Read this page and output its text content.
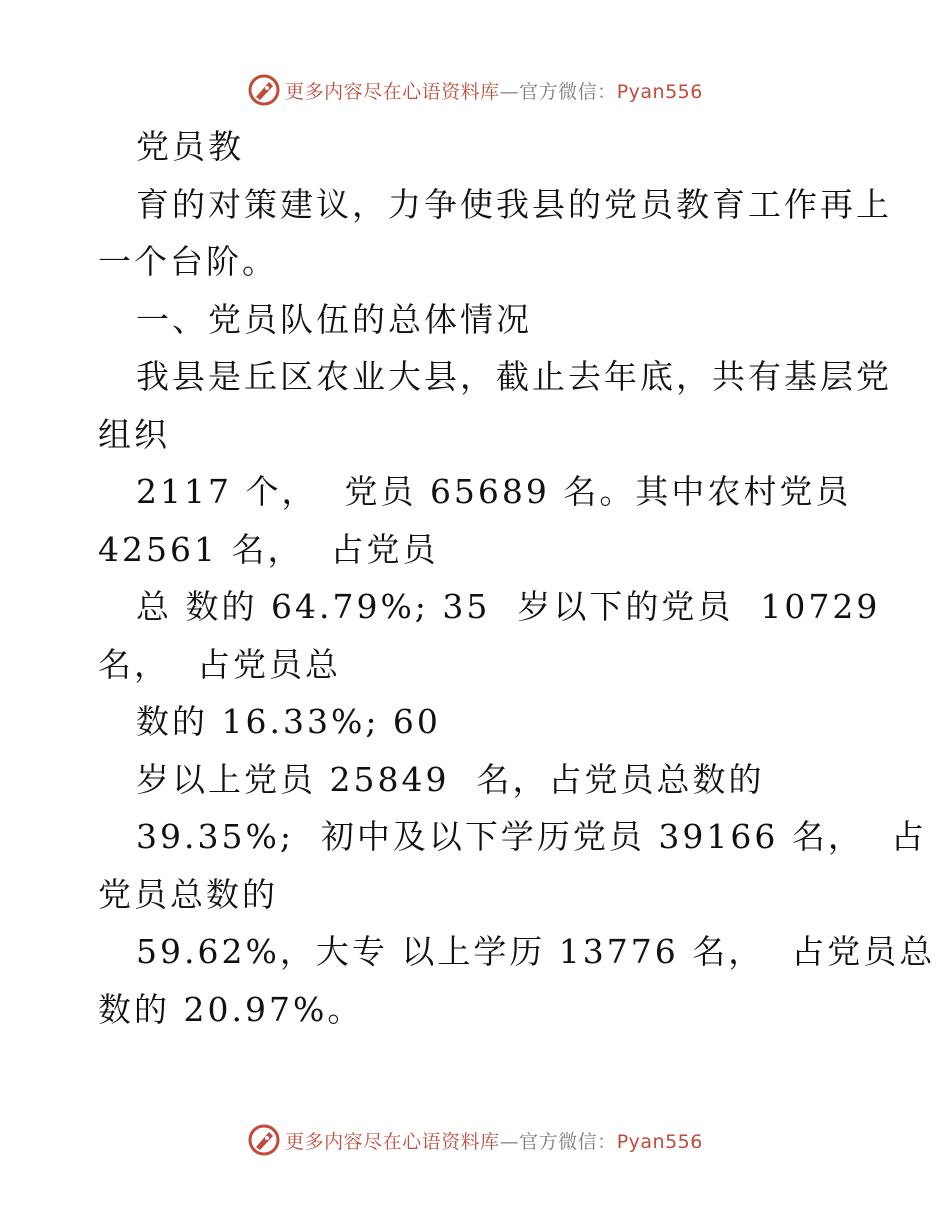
更多内容尽在心语资料库—官方微信：Pyan556
党员教
育的对策建议，力争使我县的党员教育工作再上
一个台阶。
一、党员队伍的总体情况
我县是丘区农业大县，截止去年底，共有基层党
组织
2117 个，  党员 65689 名。其中农村党员
42561 名，  占党员
总 数的 64.79%; 35  岁以下的党员  10729
名，  占党员总
数的 16.33%; 60
岁以上党员 25849  名，占党员总数的
39.35%;  初中及以下学历党员 39166 名，  占
党员总数的
59.62%，大专 以上学历 13776 名，  占党员总
数的 20.97%。
更多内容尽在心语资料库—官方微信：Pyan556
